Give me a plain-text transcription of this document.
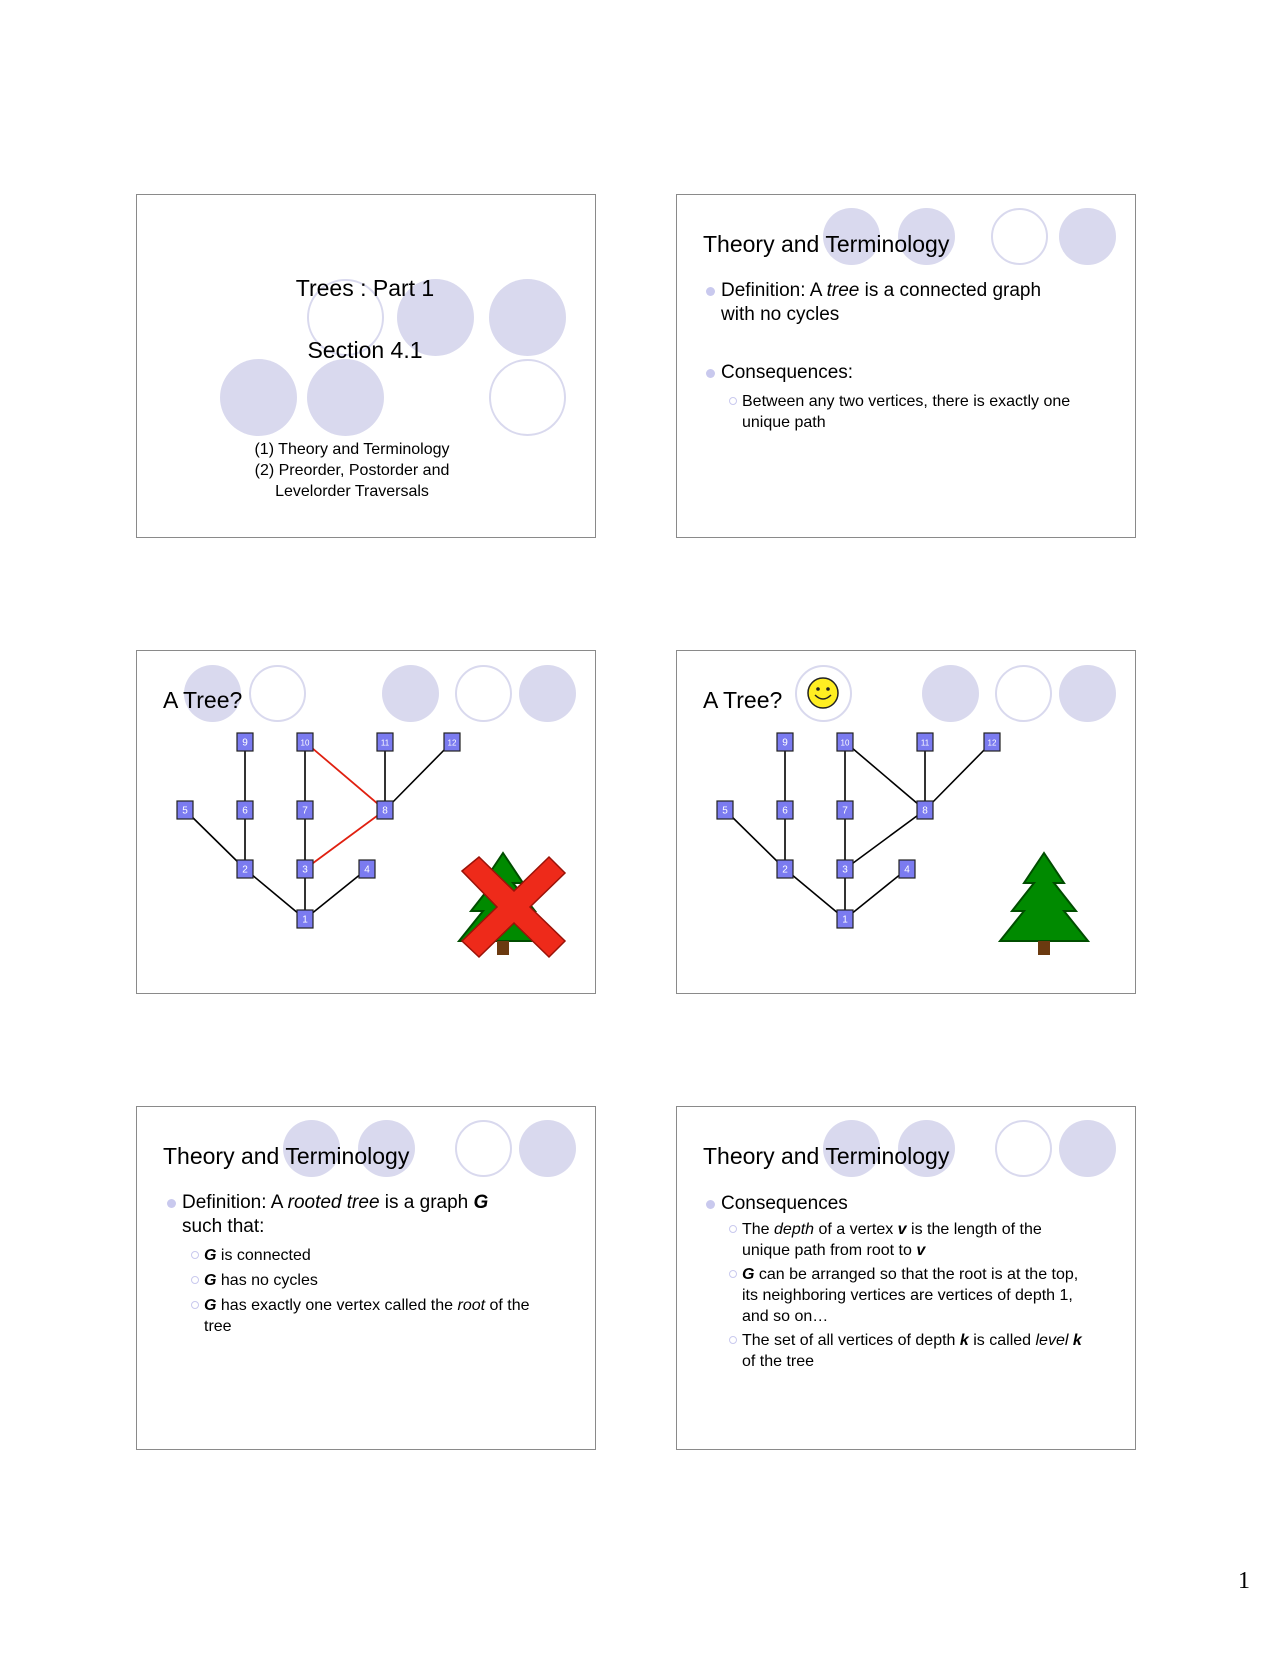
Trees : Part 1
Section 4.1
(1) Theory and Terminology
(2) Preorder, Postorder and
Levelorder Traversals
Theory and Terminology
Definition: A tree is a connected graph
with no cycles
Consequences:
Between any two vertices, there is exactly one
unique path
A Tree?
1
2	3	4
5	6	7	8
9	10	11	12
A Tree?
1
2	3	4
5	6	7	8
9	10	11	12
Theory and Terminology
Definition: A rooted tree is a graph G
such that:
G is connected
G has no cycles
G has exactly one vertex called the root of the
tree
Theory and Terminology
Consequences
The depth of a vertex v is the length of the
unique path from root to v
G can be arranged so that the root is at the top,
its neighboring vertices are vertices of depth 1,
and so on…
The set of all vertices of depth k is called level k
of the tree
1
